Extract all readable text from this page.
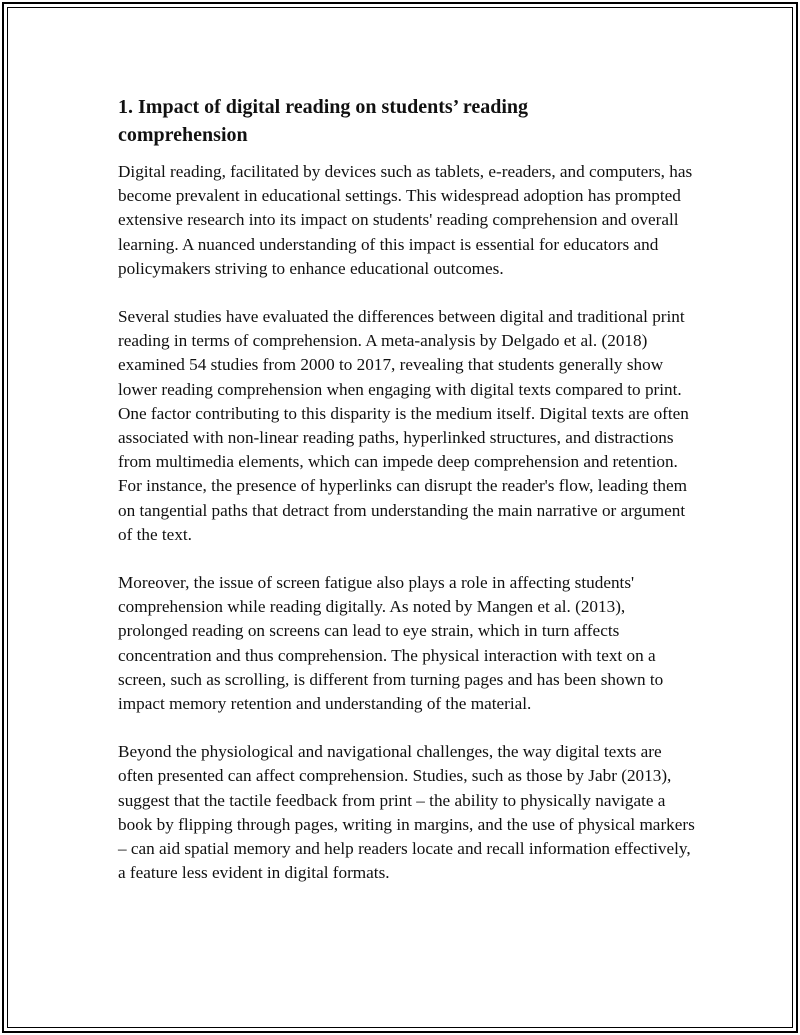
1. Impact of digital reading on students’ reading comprehension

Digital reading, facilitated by devices such as tablets, e-readers, and computers, has become prevalent in educational settings. This widespread adoption has prompted extensive research into its impact on students' reading comprehension and overall learning. A nuanced understanding of this impact is essential for educators and policymakers striving to enhance educational outcomes.

Several studies have evaluated the differences between digital and traditional print reading in terms of comprehension. A meta-analysis by Delgado et al. (2018) examined 54 studies from 2000 to 2017, revealing that students generally show lower reading comprehension when engaging with digital texts compared to print. One factor contributing to this disparity is the medium itself. Digital texts are often associated with non-linear reading paths, hyperlinked structures, and distractions from multimedia elements, which can impede deep comprehension and retention. For instance, the presence of hyperlinks can disrupt the reader's flow, leading them on tangential paths that detract from understanding the main narrative or argument of the text.

Moreover, the issue of screen fatigue also plays a role in affecting students' comprehension while reading digitally. As noted by Mangen et al. (2013), prolonged reading on screens can lead to eye strain, which in turn affects concentration and thus comprehension. The physical interaction with text on a screen, such as scrolling, is different from turning pages and has been shown to impact memory retention and understanding of the material.

Beyond the physiological and navigational challenges, the way digital texts are often presented can affect comprehension. Studies, such as those by Jabr (2013), suggest that the tactile feedback from print – the ability to physically navigate a book by flipping through pages, writing in margins, and the use of physical markers – can aid spatial memory and help readers locate and recall information effectively, a feature less evident in digital formats.
